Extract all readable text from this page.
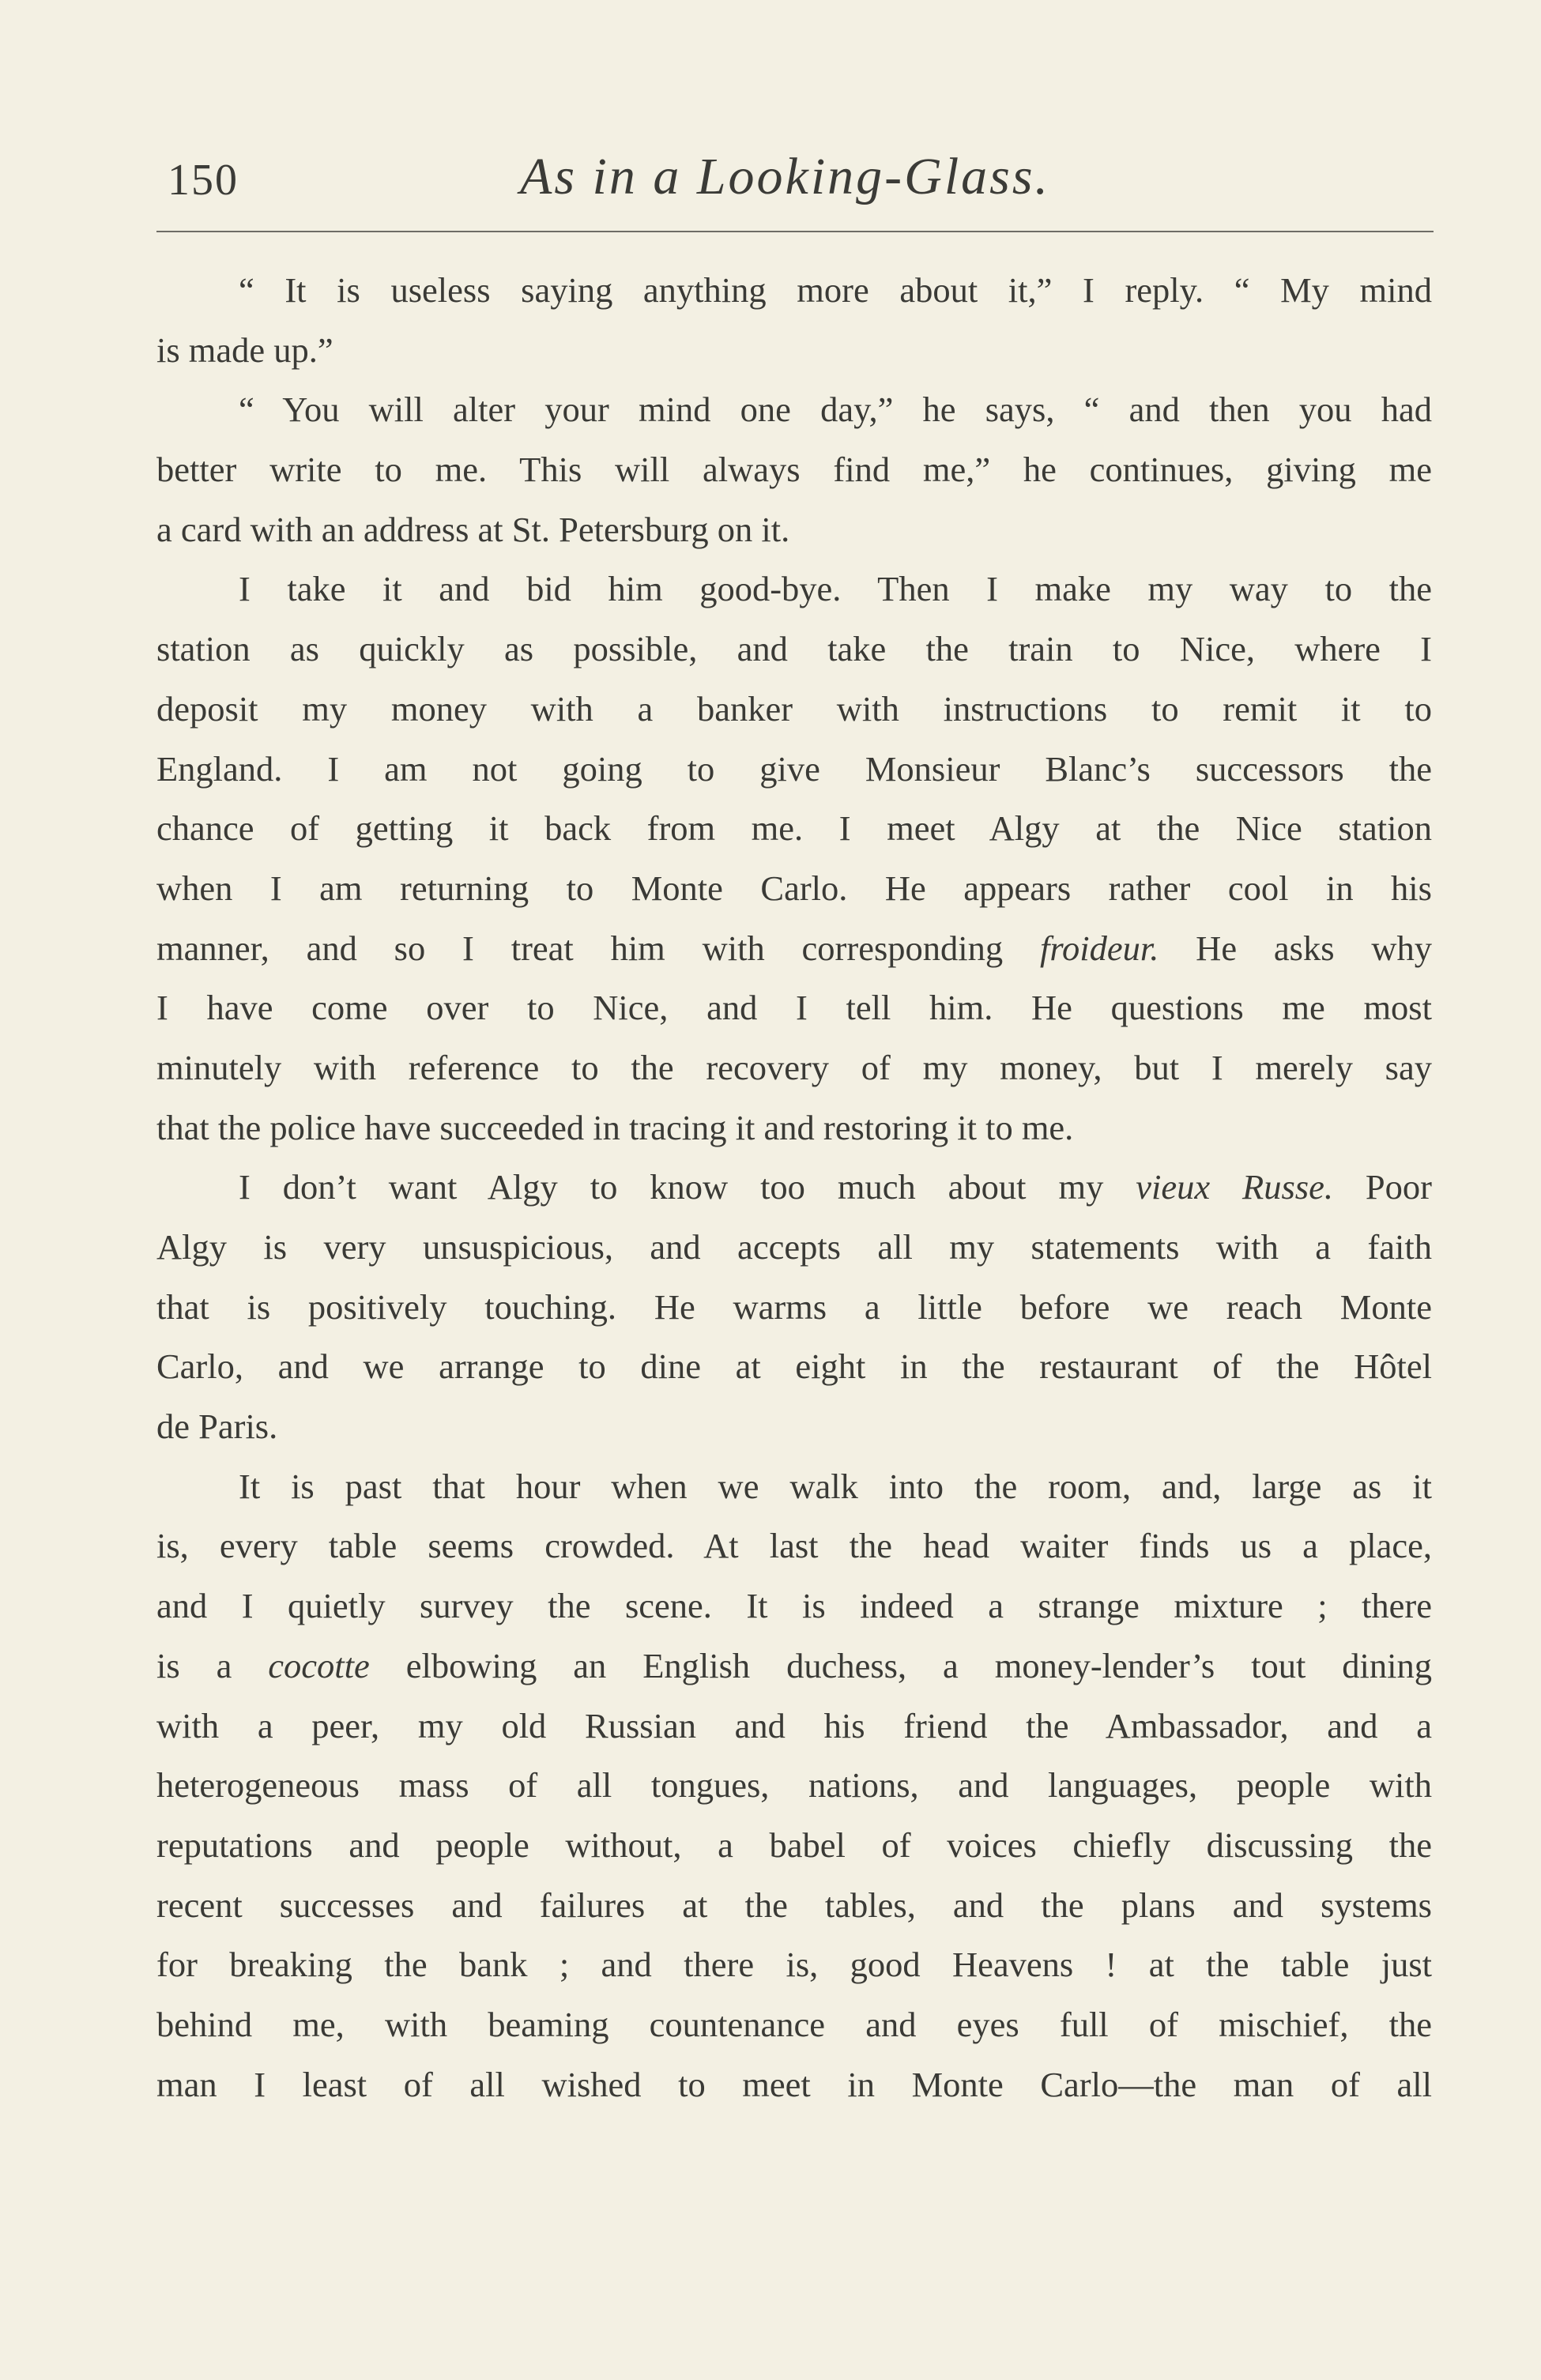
150	As in a Looking-Glass.
“ It is useless saying anything more about it,” I reply. “ My mind
is made up.”
“ You will alter your mind one day,” he says, “ and then you had
better write to me. This will always find me,” he continues, giving me
a card with an address at St. Petersburg on it.
I take it and bid him good-bye. Then I make my way to the
station as quickly as possible, and take the train to Nice, where I
deposit my money with a banker with instructions to remit it to
England. I am not going to give Monsieur Blanc’s successors the
chance of getting it back from me. I meet Algy at the Nice station
when I am returning to Monte Carlo. He appears rather cool in his
manner, and so I treat him with corresponding froideur. He asks why
I have come over to Nice, and I tell him. He questions me most
minutely with reference to the recovery of my money, but I merely say
that the police have succeeded in tracing it and restoring it to me.
I don’t want Algy to know too much about my vieux Russe. Poor
Algy is very unsuspicious, and accepts all my statements with a faith
that is positively touching. He warms a little before we reach Monte
Carlo, and we arrange to dine at eight in the restaurant of the Hôtel
de Paris.
It is past that hour when we walk into the room, and, large as it
is, every table seems crowded. At last the head waiter finds us a place,
and I quietly survey the scene. It is indeed a strange mixture ; there
is a cocotte elbowing an English duchess, a money-lender’s tout dining
with a peer, my old Russian and his friend the Ambassador, and a
heterogeneous mass of all tongues, nations, and languages, people with
reputations and people without, a babel of voices chiefly discussing the
recent successes and failures at the tables, and the plans and systems
for breaking the bank ; and there is, good Heavens ! at the table just
behind me, with beaming countenance and eyes full of mischief, the
man I least of all wished to meet in Monte Carlo—the man of all
